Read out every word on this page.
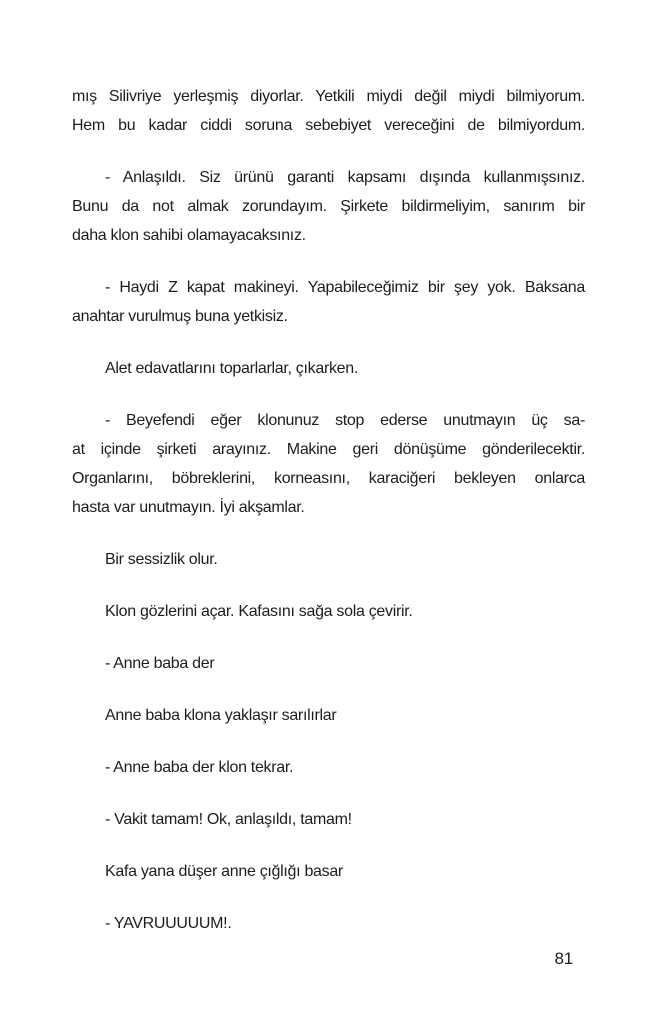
mış Silivriye yerleşmiş diyorlar. Yetkili miydi değil miydi bilmiyorum.
Hem bu kadar ciddi soruna sebebiyet vereceğini de bilmiyordum.
- Anlaşıldı. Siz ürünü garanti kapsamı dışında kullanmışsınız.
Bunu da not almak zorundayım. Şirkete bildirmeliyim, sanırım bir
daha klon sahibi olamayacaksınız.
- Haydi Z kapat makineyi. Yapabileceğimiz bir şey yok. Baksana
anahtar vurulmuş buna yetkisiz.
Alet edavatlarını toparlarlar, çıkarken.
- Beyefendi eğer klonunuz stop ederse unutmayın üç sa-
at içinde şirketi arayınız. Makine geri dönüşüme gönderilecektir.
Organlarını, böbreklerini, korneasını, karaciğeri bekleyen onlarca
hasta var unutmayın. İyi akşamlar.
Bir sessizlik olur.
Klon gözlerini açar. Kafasını sağa sola çevirir.
- Anne baba der
Anne baba klona yaklaşır sarılırlar
- Anne baba der klon tekrar.
- Vakit tamam! Ok, anlaşıldı, tamam!
Kafa yana düşer anne çığlığı basar
- YAVRUUUUUM!.
81
